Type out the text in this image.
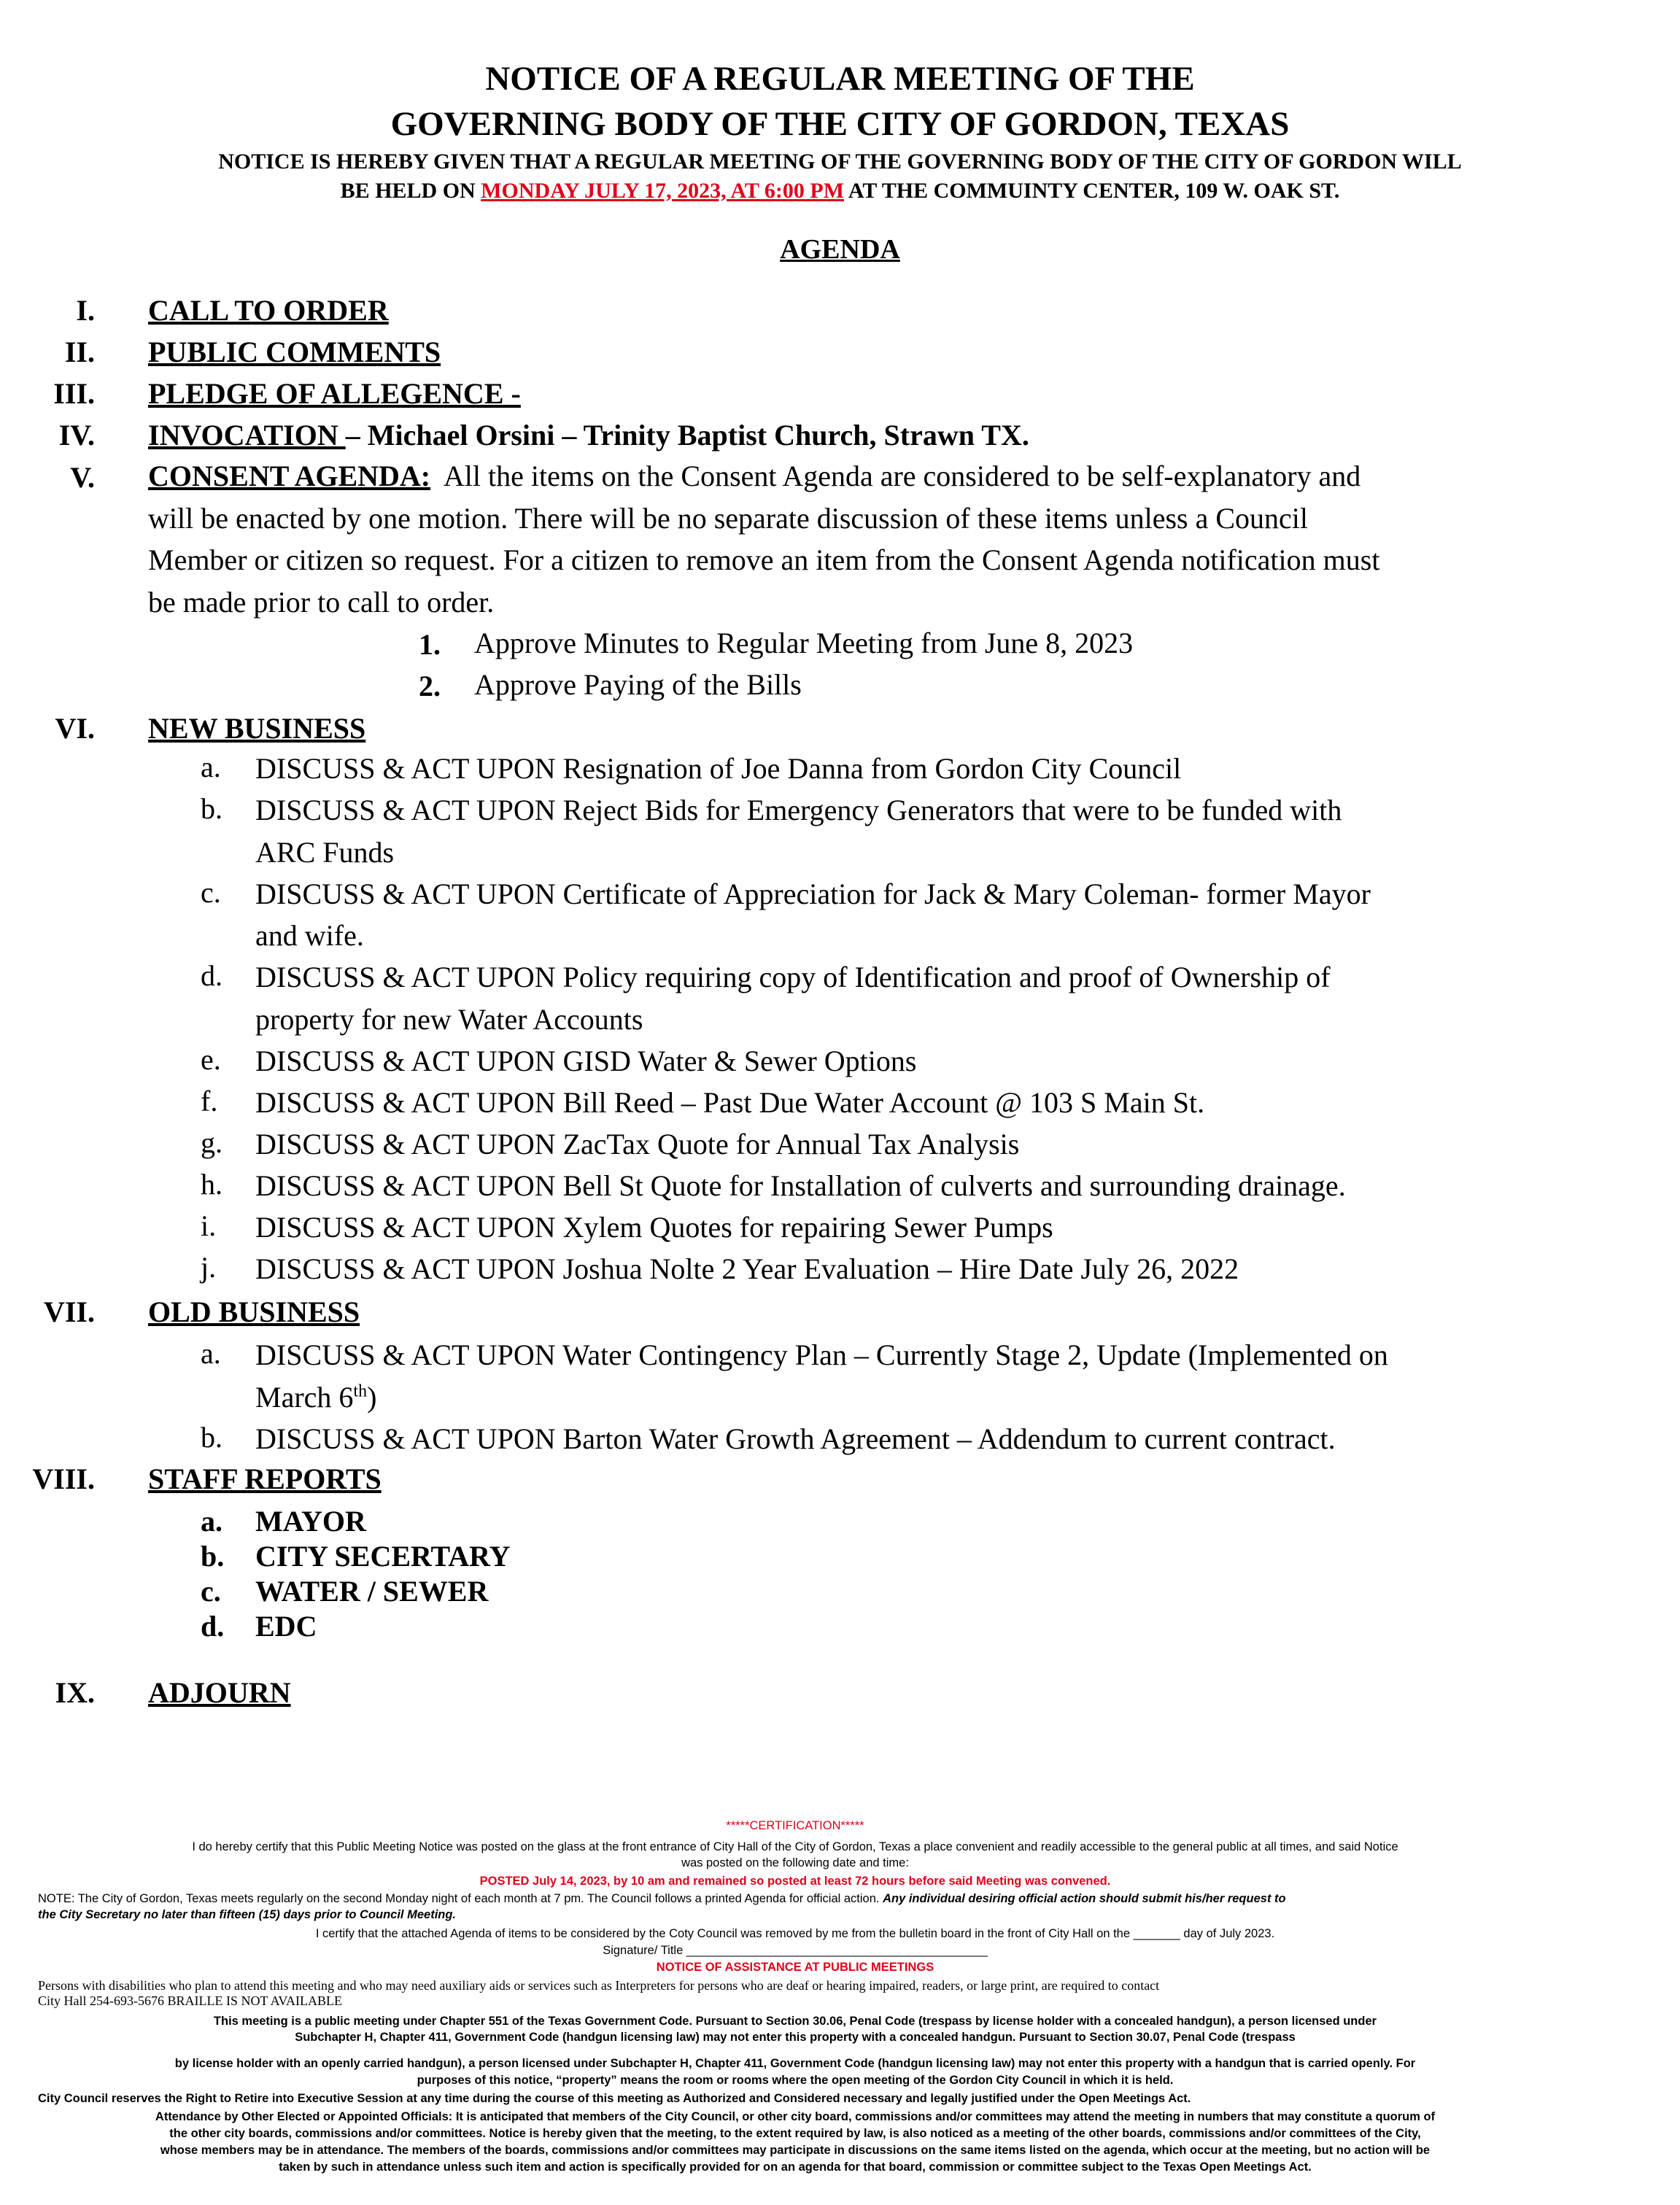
NOTICE OF A REGULAR MEETING OF THE
GOVERNING BODY OF THE CITY OF GORDON, TEXAS
NOTICE IS HEREBY GIVEN THAT A REGULAR MEETING OF THE GOVERNING BODY OF THE CITY OF GORDON WILL
BE HELD ON MONDAY JULY 17, 2023, AT 6:00 PM AT THE COMMUINTY CENTER, 109 W. OAK ST.
AGENDA
I. CALL TO ORDER
II. PUBLIC COMMENTS
III. PLEDGE OF ALLEGENCE -
IV. INVOCATION – Michael Orsini – Trinity Baptist Church, Strawn TX.
V. CONSENT AGENDA: All the items on the Consent Agenda are considered to be self-explanatory and
will be enacted by one motion. There will be no separate discussion of these items unless a Council
Member or citizen so request. For a citizen to remove an item from the Consent Agenda notification must
be made prior to call to order.
1. Approve Minutes to Regular Meeting from June 8, 2023
2. Approve Paying of the Bills
VI. NEW BUSINESS
a. DISCUSS & ACT UPON Resignation of Joe Danna from Gordon City Council
b. DISCUSS & ACT UPON Reject Bids for Emergency Generators that were to be funded with
ARC Funds
c. DISCUSS & ACT UPON Certificate of Appreciation for Jack & Mary Coleman- former Mayor
and wife.
d. DISCUSS & ACT UPON Policy requiring copy of Identification and proof of Ownership of
property for new Water Accounts
e. DISCUSS & ACT UPON GISD Water & Sewer Options
f. DISCUSS & ACT UPON Bill Reed – Past Due Water Account @ 103 S Main St.
g. DISCUSS & ACT UPON ZacTax Quote for Annual Tax Analysis
h. DISCUSS & ACT UPON Bell St Quote for Installation of culverts and surrounding drainage.
i. DISCUSS & ACT UPON Xylem Quotes for repairing Sewer Pumps
j. DISCUSS & ACT UPON Joshua Nolte 2 Year Evaluation – Hire Date July 26, 2022
VII. OLD BUSINESS
a. DISCUSS & ACT UPON Water Contingency Plan – Currently Stage 2, Update (Implemented on
March 6th)
b. DISCUSS & ACT UPON Barton Water Growth Agreement – Addendum to current contract.
VIII. STAFF REPORTS
a. MAYOR
b. CITY SECERTARY
c. WATER / SEWER
d. EDC
IX. ADJOURN
*****CERTIFICATION*****
I do hereby certify that this Public Meeting Notice was posted on the glass at the front entrance of City Hall of the City of Gordon, Texas a place convenient and readily accessible to the general public at all times, and said Notice
was posted on the following date and time:
POSTED July 14, 2023, by 10 am and remained so posted at least 72 hours before said Meeting was convened.
NOTE: The City of Gordon, Texas meets regularly on the second Monday night of each month at 7 pm. The Council follows a printed Agenda for official action. Any individual desiring official action should submit his/her request to
the City Secretary no later than fifteen (15) days prior to Council Meeting.
I certify that the attached Agenda of items to be considered by the Coty Council was removed by me from the bulletin board in the front of City Hall on the _______ day of July 2023.
Signature/ Title _____________________________________________
NOTICE OF ASSISTANCE AT PUBLIC MEETINGS
Persons with disabilities who plan to attend this meeting and who may need auxiliary aids or services such as Interpreters for persons who are deaf or hearing impaired, readers, or large print, are required to contact
City Hall 254-693-5676 BRAILLE IS NOT AVAILABLE
This meeting is a public meeting under Chapter 551 of the Texas Government Code. Pursuant to Section 30.06, Penal Code (trespass by license holder with a concealed handgun), a person licensed under
Subchapter H, Chapter 411, Government Code (handgun licensing law) may not enter this property with a concealed handgun. Pursuant to Section 30.07, Penal Code (trespass
by license holder with an openly carried handgun), a person licensed under Subchapter H, Chapter 411, Government Code (handgun licensing law) may not enter this property with a handgun that is carried openly. For
purposes of this notice, “property” means the room or rooms where the open meeting of the Gordon City Council in which it is held.
City Council reserves the Right to Retire into Executive Session at any time during the course of this meeting as Authorized and Considered necessary and legally justified under the Open Meetings Act.
Attendance by Other Elected or Appointed Officials: It is anticipated that members of the City Council, or other city board, commissions and/or committees may attend the meeting in numbers that may constitute a quorum of
the other city boards, commissions and/or committees. Notice is hereby given that the meeting, to the extent required by law, is also noticed as a meeting of the other boards, commissions and/or committees of the City,
whose members may be in attendance. The members of the boards, commissions and/or committees may participate in discussions on the same items listed on the agenda, which occur at the meeting, but no action will be
taken by such in attendance unless such item and action is specifically provided for on an agenda for that board, commission or committee subject to the Texas Open Meetings Act.
